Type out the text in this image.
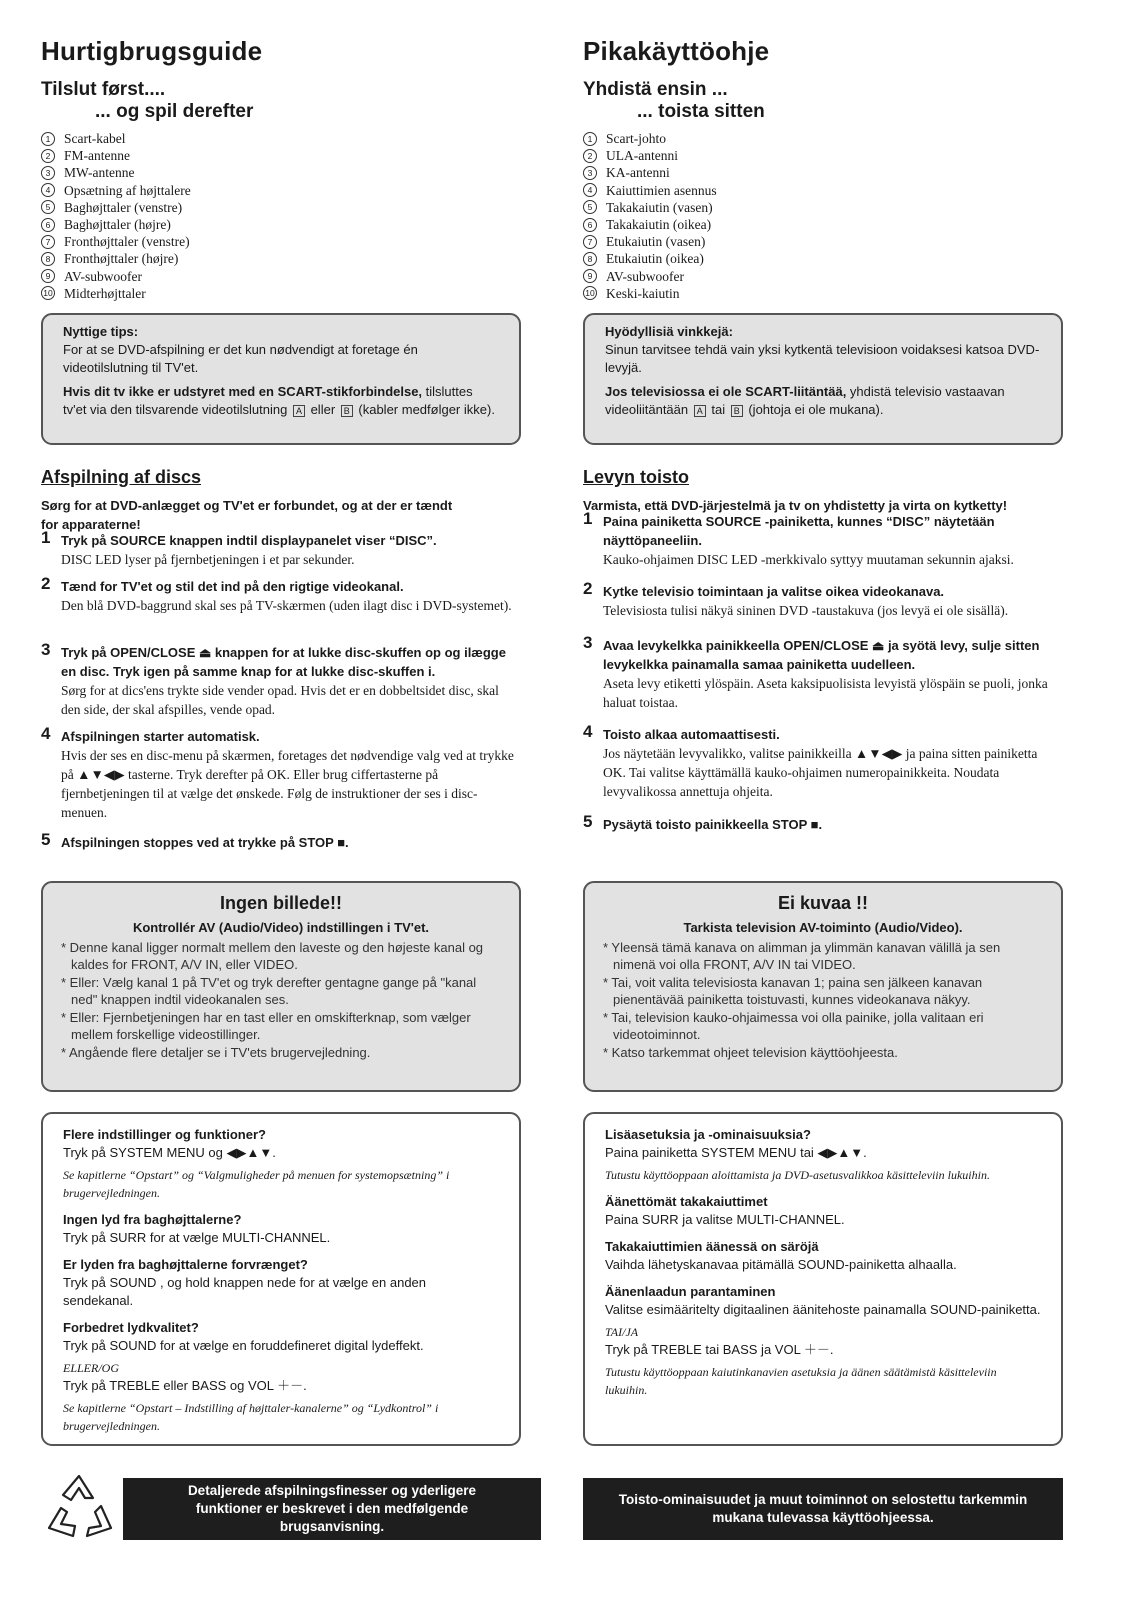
Hurtigbrugsguide
Tilslut først....
... og spil derefter
1	Scart-kabel
2	FM-antenne
3	MW-antenne
4	Opsætning af højttalere
5	Baghøjttaler (venstre)
6	Baghøjttaler (højre)
7	Fronthøjttaler (venstre)
8	Fronthøjttaler (højre)
9	AV-subwoofer
10 Midterhøjttaler

Nyttige tips:
For at se DVD-afspilning er det kun nødvendigt at foretage én videotilslutning til TV'et.

Hvis dit tv ikke er udstyret med en SCART-stikforbindelse, tilsluttes tv'et via den tilsvarende videotilslutning A eller B (kabler medfølger ikke).

Afspilning af discs
Sørg for at DVD-anlægget og TV'et er forbundet, og at der er tændt for apparaterne!
1 Tryk på SOURCE knappen indtil displaypanelet viser “DISC”.
DISC LED lyser på fjernbetjeningen i et par sekunder.
2 Tænd for TV'et og stil det ind på den rigtige videokanal.
Den blå DVD-baggrund skal ses på TV-skærmen (uden ilagt disc i DVD-systemet).
3 Tryk på OPEN/CLOSE ⏏ knappen for at lukke disc-skuffen op og ilægge en disc. Tryk igen på samme knap for at lukke disc-skuffen i.
Sørg for at dics'ens trykte side vender opad. Hvis det er en dobbeltsidet disc, skal den side, der skal afspilles, vende opad.
4 Afspilningen starter automatisk.
Hvis der ses en disc-menu på skærmen, foretages det nødvendige valg ved at trykke på ▲▼◀▶ tasterne. Tryk derefter på OK. Eller brug ciffertasterne på fjernbetjeningen til at vælge det ønskede. Følg de instruktioner der ses i disc-menuen.
5 Afspilningen stoppes ved at trykke på STOP ■.
Ingen billede!!
Kontrollér AV (Audio/Video) indstillingen i TV'et.
* Denne kanal ligger normalt mellem den laveste og den højeste kanal og kaldes for FRONT, A/V IN, eller VIDEO.
* Eller: Vælg kanal 1 på TV'et og tryk derefter gentagne gange på "kanal ned" knappen indtil videokanalen ses.
* Eller: Fjernbetjeningen har en tast eller en omskifterknap, som vælger mellem forskellige videostillinger.
* Angående flere detaljer se i TV'ets brugervejledning.
Flere indstillinger og funktioner?
Tryk på SYSTEM MENU og ◀▶▲▼.
Se kapitlerne “Opstart” og “Valgmuligheder på menuen for systemopsætning” i brugervejledningen.
Ingen lyd fra baghøjttalerne?
Tryk på SURR for at vælge MULTI-CHANNEL.
Er lyden fra baghøjttalerne forvrænget?
Tryk på SOUND , og hold knappen nede for at vælge en anden sendekanal.
Forbedret lydkvalitet?
Tryk på SOUND for at vælge en foruddefineret digital lydeffekt.
ELLER/OG
Tryk på TREBLE eller BASS og VOL ＋－.
Se kapitlerne “Opstart – Indstilling af højttaler-kanalerne” og “Lydkontrol” i brugervejledningen.
Detaljerede afspilningsfinesser og yderligere funktioner er beskrevet i den medfølgende brugsanvisning.
Pikakäyttöohje
Yhdistä ensin ...
... toista sitten
1	Scart-johto
2	ULA-antenni
3	KA-antenni
4	Kaiuttimien asennus
5	Takakaiutin (vasen)
6	Takakaiutin (oikea)
7	Etukaiutin (vasen)
8	Etukaiutin (oikea)
9	AV-subwoofer
10 Keski-kaiutin

Hyödyllisiä vinkkejä:
Sinun tarvitsee tehdä vain yksi kytkentä televisioon voidaksesi katsoa DVD-levyjä.

Jos televisiossa ei ole SCART-liitäntää, yhdistä televisio vastaavan videoliitäntään A tai B (johtoja ei ole mukana).

Levyn toisto
Varmista, että DVD-järjestelmä ja tv on yhdistetty ja virta on kytketty!
1 Paina painiketta SOURCE -painiketta, kunnes “DISC” näytetään näyttöpaneeliin.
Kauko-ohjaimen DISC LED -merkkivalo syttyy muutaman sekunnin ajaksi.
2 Kytke televisio toimintaan ja valitse oikea videokanava.
Televisiosta tulisi näkyä sininen DVD -taustakuva (jos levyä ei ole sisällä).
3 Avaa levykelkka painikkeella OPEN/CLOSE ⏏ ja syötä levy, sulje sitten levykelkka painamalla samaa painiketta uudelleen.
Aseta levy etiketti ylöspäin. Aseta kaksipuolisista levyistä ylöspäin se puoli, jonka haluat toistaa.
4 Toisto alkaa automaattisesti.
Jos näytetään levyvalikko, valitse painikkeilla ▲▼◀▶ ja paina sitten painiketta OK. Tai valitse käyttämällä kauko-ohjaimen numeropainikkeita. Noudata levyvalikossa annettuja ohjeita.
5 Pysäytä toisto painikkeella STOP ■.
Ei kuvaa !!
Tarkista television AV-toiminto (Audio/Video).
* Yleensä tämä kanava on alimman ja ylimmän kanavan välillä ja sen nimenä voi olla FRONT, A/V IN tai VIDEO.
* Tai, voit valita televisiosta kanavan 1; paina sen jälkeen kanavan pienentävää painiketta toistuvasti, kunnes videokanava näkyy.
* Tai, television kauko-ohjaimessa voi olla painike, jolla valitaan eri videotoiminnot.
* Katso tarkemmat ohjeet television käyttöohjeesta.
Lisäasetuksia ja -ominaisuuksia?
Paina painiketta SYSTEM MENU tai ◀▶▲▼.
Tutustu käyttöoppaan aloittamista ja DVD-asetusvalikkoa käsitteleviin lukuihin.
Äänettömät takakaiuttimet
Paina SURR ja valitse MULTI-CHANNEL.
Takakaiuttimien äänessä on säröjä
Vaihda lähetyskanavaa pitämällä SOUND-painiketta alhaalla.
Äänenlaadun parantaminen
Valitse esimääritelty digitaalinen äänitehoste painamalla SOUND-painiketta.
TAI/JA
Tryk på TREBLE tai BASS ja VOL ＋－.
Tutustu käyttöoppaan kaiutinkanavien asetuksia ja äänen säätämistä käsitteleviin lukuihin.
Toisto-ominaisuudet ja muut toiminnot on selostettu tarkemmin mukana tulevassa käyttöohjeessa.
